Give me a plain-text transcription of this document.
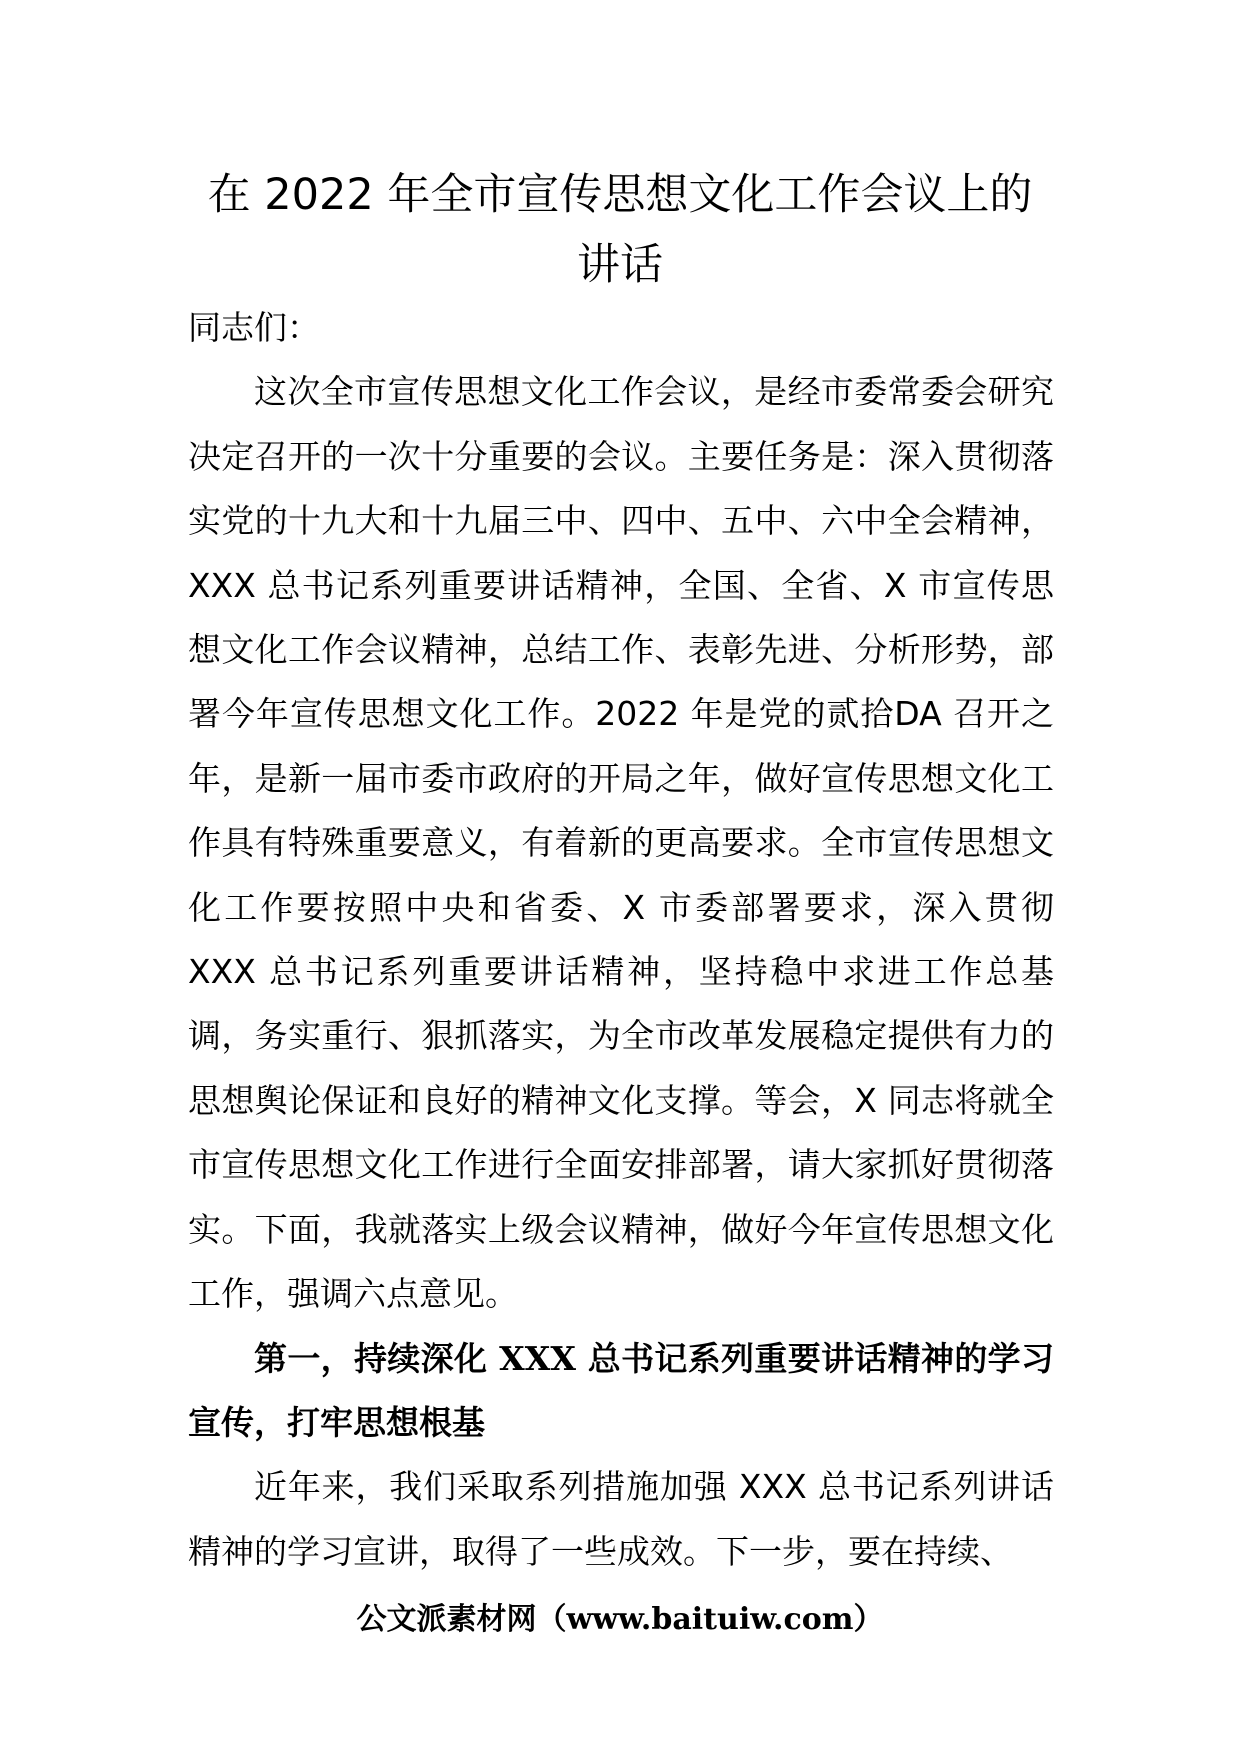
在 2022 年全市宣传思想文化工作会议上的
讲话

同志们：

这次全市宣传思想文化工作会议，是经市委常委会研究决定召开的一次十分重要的会议。主要任务是：深入贯彻落实党的十九大和十九届三中、四中、五中、六中全会精神，XXX 总书记系列重要讲话精神，全国、全省、X 市宣传思想文化工作会议精神，总结工作、表彰先进、分析形势，部署今年宣传思想文化工作。2022 年是党的贰拾DA 召开之年，是新一届市委市政府的开局之年，做好宣传思想文化工作具有特殊重要意义，有着新的更高要求。全市宣传思想文化工作要按照中央和省委、X 市委部署要求，深入贯彻 XXX 总书记系列重要讲话精神，坚持稳中求进工作总基调，务实重行、狠抓落实，为全市改革发展稳定提供有力的思想舆论保证和良好的精神文化支撑。等会，X 同志将就全市宣传思想文化工作进行全面安排部署，请大家抓好贯彻落实。下面，我就落实上级会议精神，做好今年宣传思想文化工作，强调六点意见。

第一，持续深化 XXX 总书记系列重要讲话精神的学习宣传，打牢思想根基

近年来，我们采取系列措施加强 XXX 总书记系列讲话精神的学习宣讲，取得了一些成效。下一步，要在持续、

公文派素材网（www.baituiw.com）
